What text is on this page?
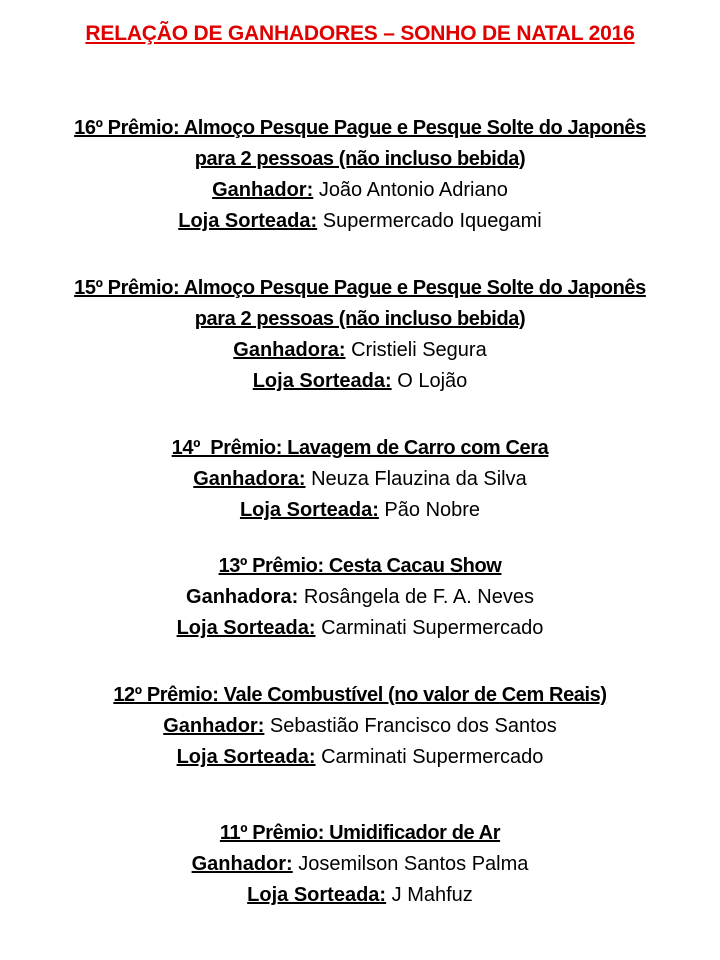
RELAÇÃO DE GANHADORES – SONHO DE NATAL 2016
16º Prêmio: Almoço Pesque Pague e Pesque Solte do Japonês
para 2 pessoas (não incluso bebida)
Ganhador: João Antonio Adriano
Loja Sorteada: Supermercado Iquegami
15º Prêmio: Almoço Pesque Pague e Pesque Solte do Japonês
para 2 pessoas (não incluso bebida)
Ganhadora: Cristieli Segura
Loja Sorteada: O Lojão
14º  Prêmio: Lavagem de Carro com Cera
Ganhadora: Neuza Flauzina da Silva
Loja Sorteada: Pão Nobre
13º Prêmio: Cesta Cacau Show
Ganhadora: Rosângela de F. A. Neves
Loja Sorteada: Carminati Supermercado
12º Prêmio: Vale Combustível (no valor de Cem Reais)
Ganhador: Sebastião Francisco dos Santos
Loja Sorteada: Carminati Supermercado
11º Prêmio: Umidificador de Ar
Ganhador: Josemilson Santos Palma
Loja Sorteada: J Mahfuz
